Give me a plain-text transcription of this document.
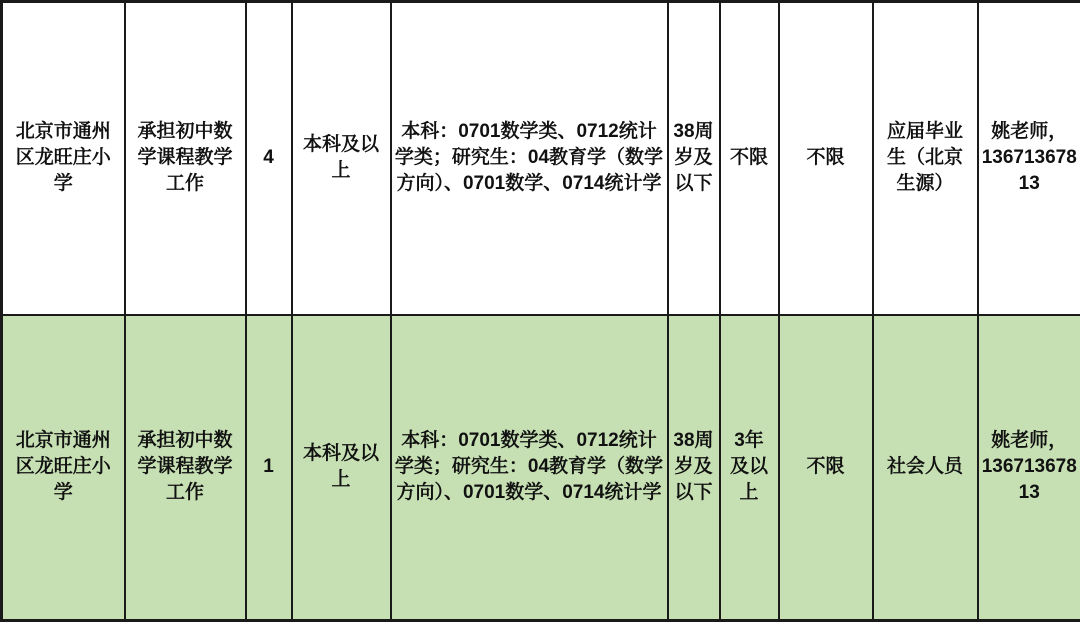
北京市通州区龙旺庄小学	承担初中数学课程教学工作	4	本科及以上	本科：0701数学类、0712统计学类；研究生：04教育学（数学方向）、0701数学、0714统计学	38周岁及以下	不限	不限	应届毕业生（北京生源）	姚老师，13671367813
北京市通州区龙旺庄小学	承担初中数学课程教学工作	1	本科及以上	本科：0701数学类、0712统计学类；研究生：04教育学（数学方向）、0701数学、0714统计学	38周岁及以下	3年及以上	不限	社会人员	姚老师，13671367813
